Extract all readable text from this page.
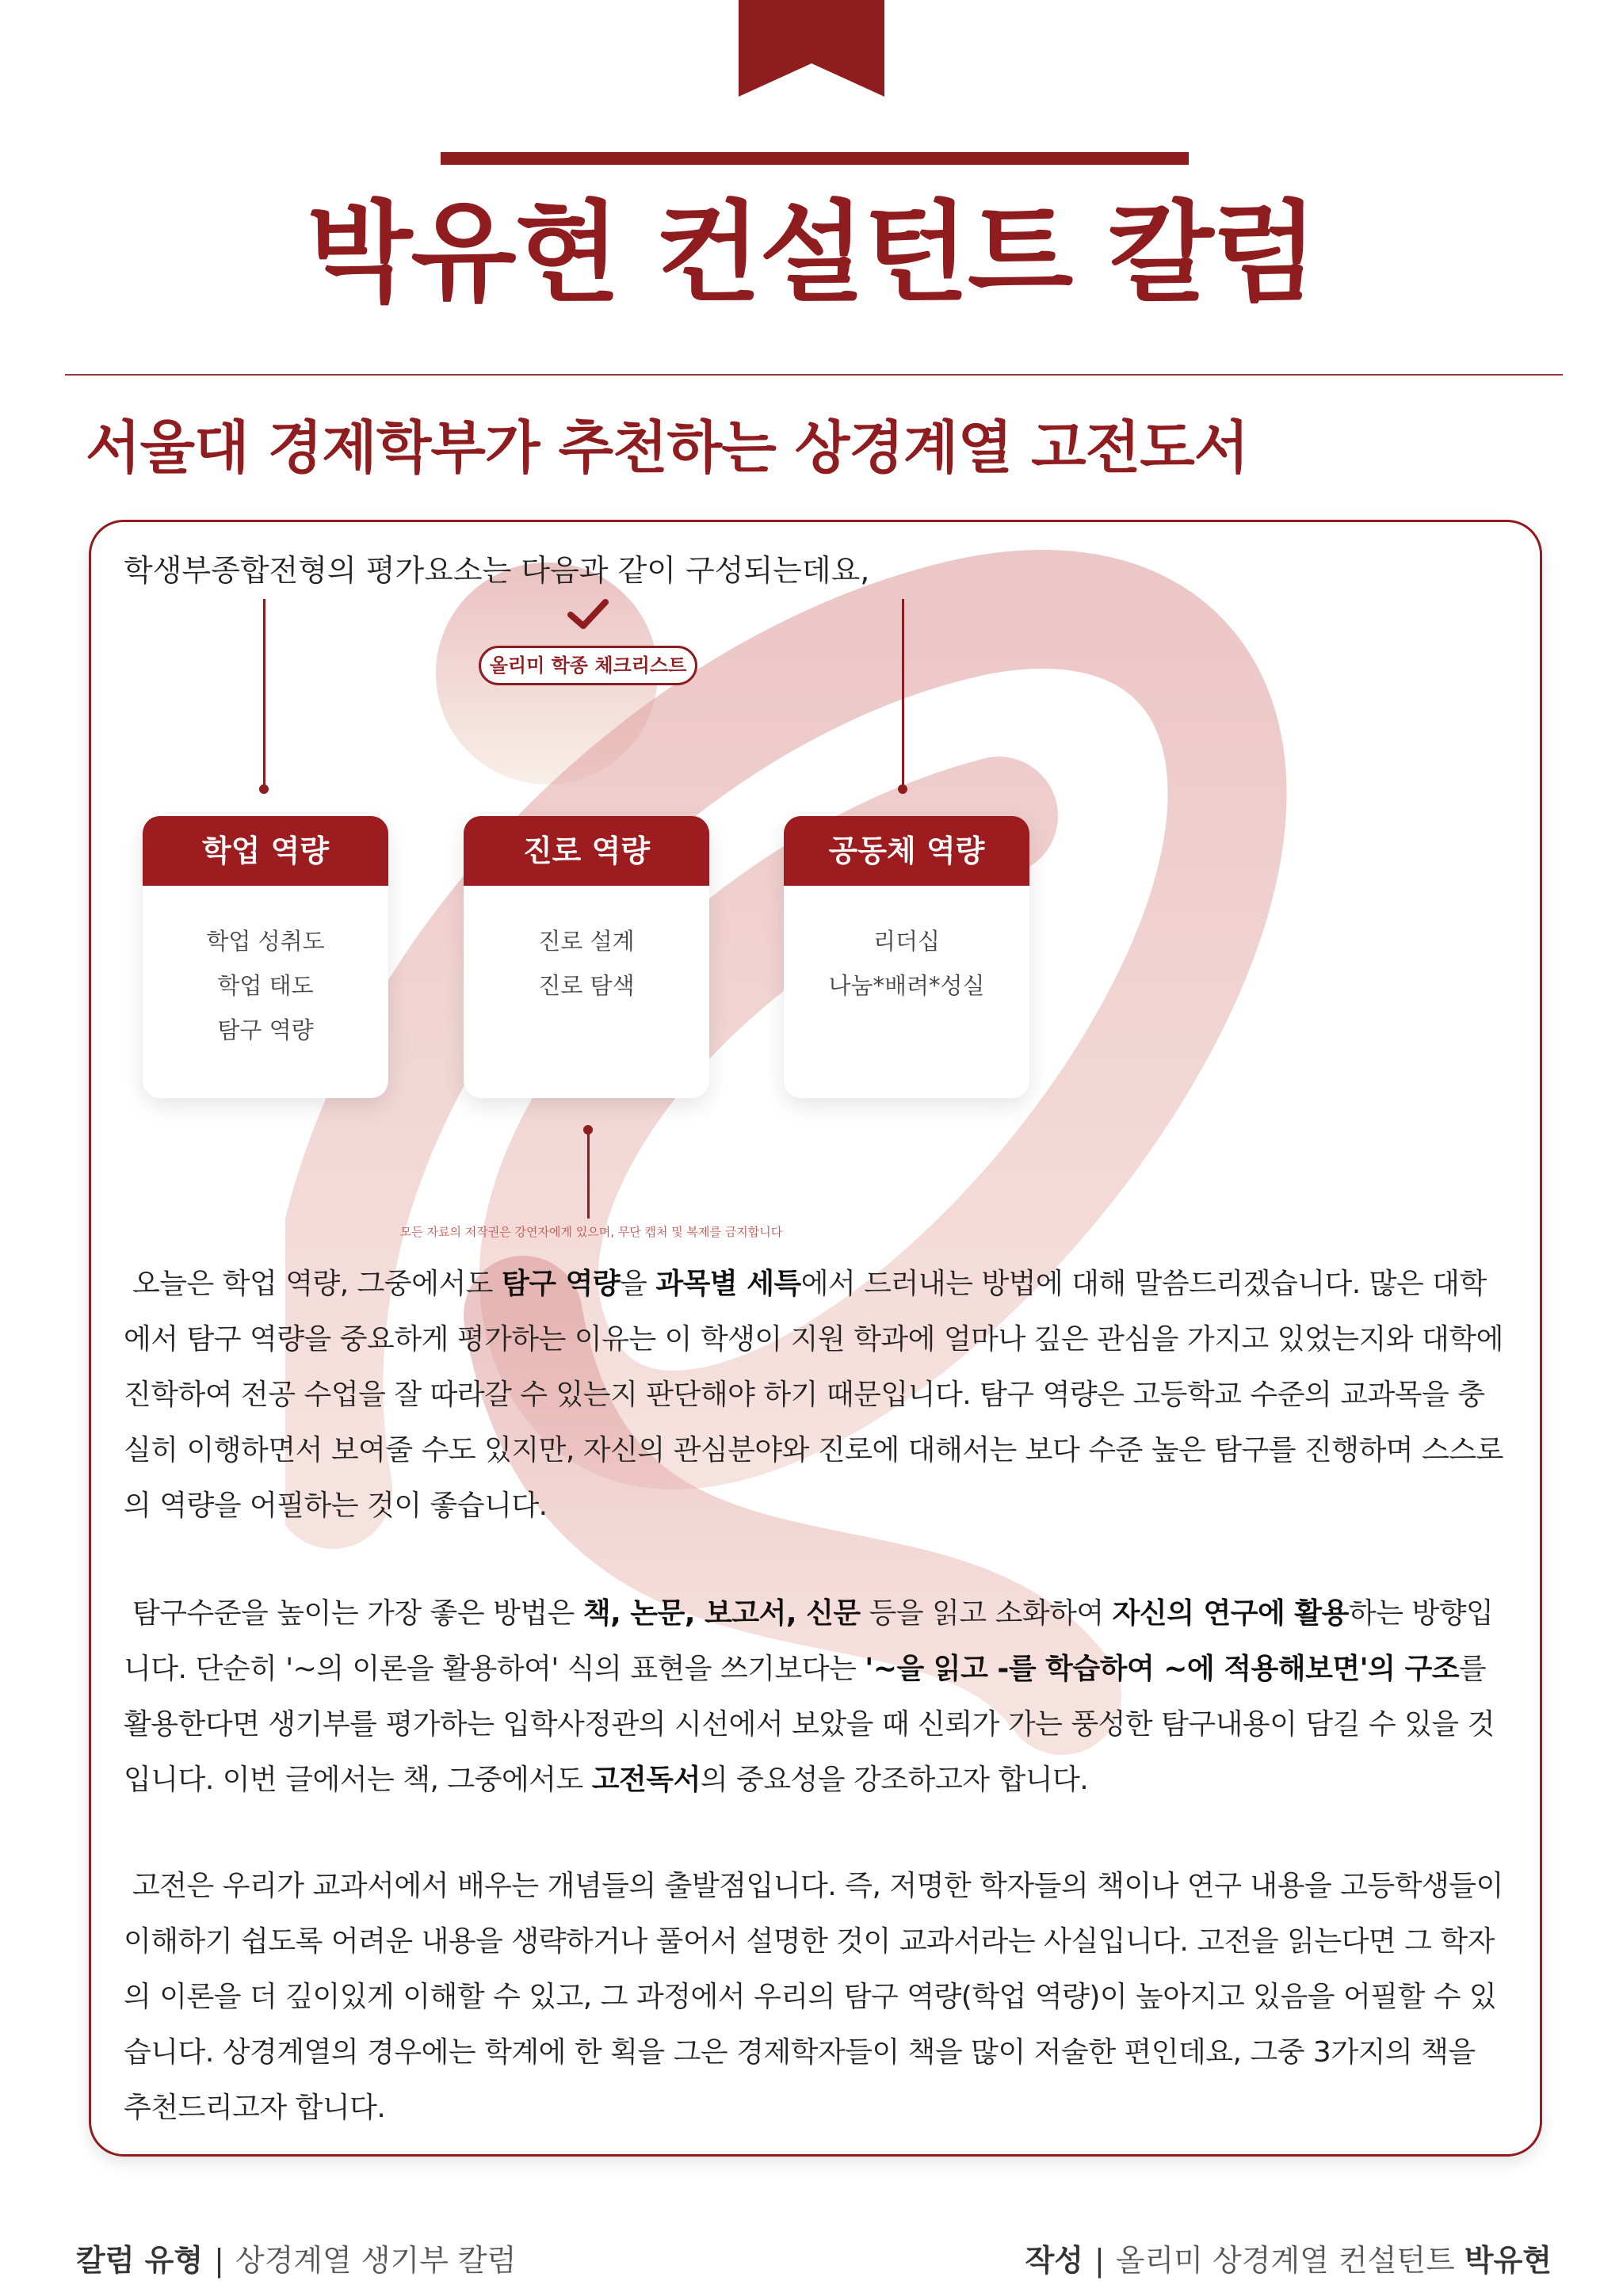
박유현 컨설턴트 칼럼
서울대 경제학부가 추천하는 상경계열 고전도서
학생부종합전형의 평가요소는 다음과 같이 구성되는데요,
올리미 학종 체크리스트
학업 역량
학업 성취도
학업 태도
탐구 역량
진로 역량
진로 설계
진로 탐색
공동체 역량
리더십
나눔*배려*성실
모든 자료의 저작권은 강연자에게 있으며, 무단 캡처 및 복제를 금지합니다
오늘은 학업 역량, 그중에서도 탐구 역량을 과목별 세특에서 드러내는 방법에 대해 말씀드리겠습니다. 많은 대학에서 탐구 역량을 중요하게 평가하는 이유는 이 학생이 지원 학과에 얼마나 깊은 관심을 가지고 있었는지와 대학에 진학하여 전공 수업을 잘 따라갈 수 있는지 판단해야 하기 때문입니다. 탐구 역량은 고등학교 수준의 교과목을 충실히 이행하면서 보여줄 수도 있지만, 자신의 관심분야와 진로에 대해서는 보다 수준 높은 탐구를 진행하며 스스로의 역량을 어필하는 것이 좋습니다.
탐구수준을 높이는 가장 좋은 방법은 책, 논문, 보고서, 신문 등을 읽고 소화하여 자신의 연구에 활용하는 방향입니다. 단순히 '~의 이론을 활용하여' 식의 표현을 쓰기보다는 '~을 읽고 -를 학습하여 ~에 적용해보면'의 구조를 활용한다면 생기부를 평가하는 입학사정관의 시선에서 보았을 때 신뢰가 가는 풍성한 탐구내용이 담길 수 있을 것입니다. 이번 글에서는 책, 그중에서도 고전독서의 중요성을 강조하고자 합니다.
고전은 우리가 교과서에서 배우는 개념들의 출발점입니다. 즉, 저명한 학자들의 책이나 연구 내용을 고등학생들이 이해하기 쉽도록 어려운 내용을 생략하거나 풀어서 설명한 것이 교과서라는 사실입니다. 고전을 읽는다면 그 학자의 이론을 더 깊이있게 이해할 수 있고, 그 과정에서 우리의 탐구 역량(학업 역량)이 높아지고 있음을 어필할 수 있습니다. 상경계열의 경우에는 학계에 한 획을 그은 경제학자들이 책을 많이 저술한 편인데요, 그중 3가지의 책을 추천드리고자 합니다.
칼럼 유형 | 상경계열 생기부 칼럼	작성 | 올리미 상경계열 컨설턴트 박유현
